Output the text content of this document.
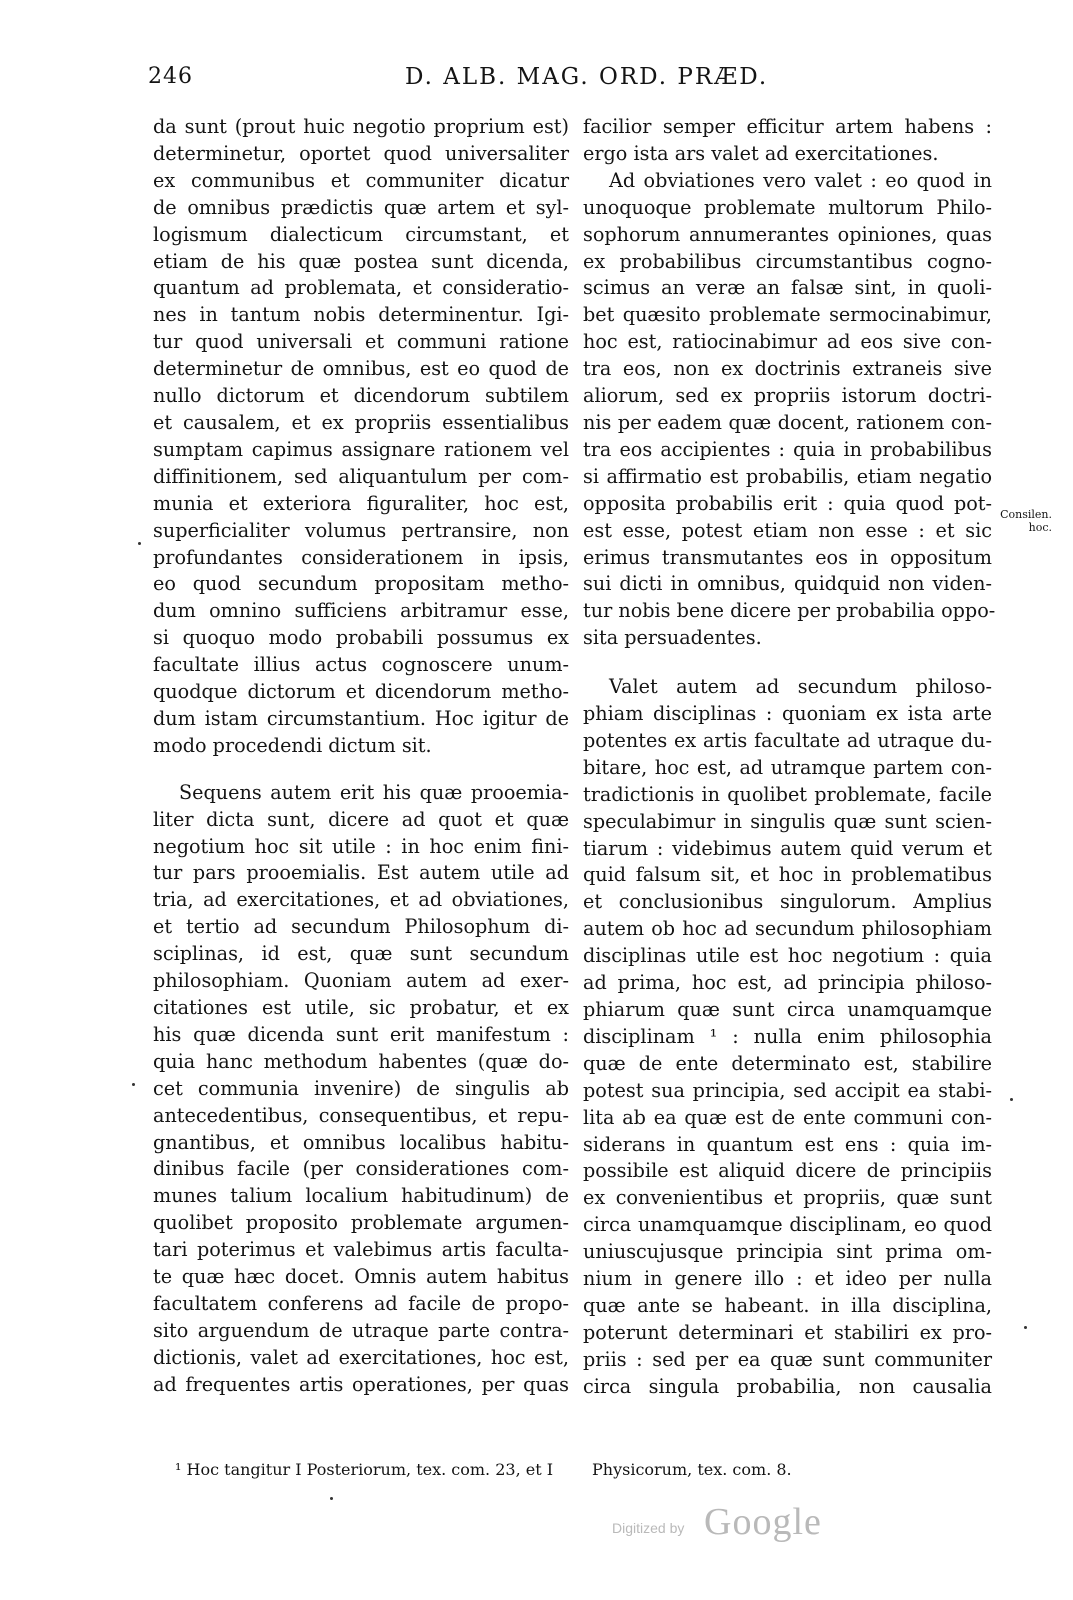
246	D. ALB. MAG. ORD. PRÆD.

da sunt (prout huic negotio proprium est)
determinetur, oportet quod universaliter
ex communibus et communiter dicatur
de omnibus prædictis quæ artem et syl-
logismum dialecticum circumstant, et
etiam de his quæ postea sunt dicenda,
quantum ad problemata, et consideratio-
nes in tantum nobis determinentur. Igi-
tur quod universali et communi ratione
determinetur de omnibus, est eo quod de
nullo dictorum et dicendorum subtilem
et causalem, et ex propriis essentialibus
sumptam capimus assignare rationem vel
diffinitionem, sed aliquantulum per com-
munia et exteriora figuraliter, hoc est,
superficialiter volumus pertransire, non
profundantes considerationem in ipsis,
eo quod secundum propositam metho-
dum omnino sufficiens arbitramur esse,
si quoquo modo probabili possumus ex
facultate illius actus cognoscere unum-
quodque dictorum et dicendorum metho-
dum istam circumstantium. Hoc igitur de
modo procedendi dictum sit.

Sequens autem erit his quæ prooemia-
liter dicta sunt, dicere ad quot et quæ
negotium hoc sit utile : in hoc enim fini-
tur pars prooemialis. Est autem utile ad
tria, ad exercitationes, et ad obviationes,
et tertio ad secundum Philosophum di-
sciplinas, id est, quæ sunt secundum
philosophiam. Quoniam autem ad exer-
citationes est utile, sic probatur, et ex
his quæ dicenda sunt erit manifestum :
quia hanc methodum habentes (quæ do-
cet communia invenire) de singulis ab
antecedentibus, consequentibus, et repu-
gnantibus, et omnibus localibus habitu-
dinibus facile (per considerationes com-
munes talium localium habitudinum) de
quolibet proposito problemate argumen-
tari poterimus et valebimus artis faculta-
te quæ hæc docet. Omnis autem habitus
facultatem conferens ad facile de propo-
sito arguendum de utraque parte contra-
dictionis, valet ad exercitationes, hoc est,
ad frequentes artis operationes, per quas

facilior semper efficitur artem habens :
ergo ista ars valet ad exercitationes.

Ad obviationes vero valet : eo quod in
unoquoque problemate multorum Philo-
sophorum annumerantes opiniones, quas
ex probabilibus circumstantibus cogno-
scimus an veræ an falsæ sint, in quoli-
bet quæsito problemate sermocinabimur,
hoc est, ratiocinabimur ad eos sive con-
tra eos, non ex doctrinis extraneis sive
aliorum, sed ex propriis istorum doctri-
nis per eadem quæ docent, rationem con-
tra eos accipientes : quia in probabilibus
si affirmatio est probabilis, etiam negatio
opposita probabilis erit : quia quod pot-
est esse, potest etiam non esse : et sic
erimus transmutantes eos in oppositum
sui dicti in omnibus, quidquid non viden-
tur nobis bene dicere per probabilia oppo-
sita persuadentes.

Valet autem ad secundum philoso-
phiam disciplinas : quoniam ex ista arte
potentes ex artis facultate ad utraque du-
bitare, hoc est, ad utramque partem con-
tradictionis in quolibet problemate, facile
speculabimur in singulis quæ sunt scien-
tiarum : videbimus autem quid verum et
quid falsum sit, et hoc in problematibus
et conclusionibus singulorum. Amplius
autem ob hoc ad secundum philosophiam
disciplinas utile est hoc negotium : quia
ad prima, hoc est, ad principia philoso-
phiarum quæ sunt circa unamquamque
disciplinam ¹ : nulla enim philosophia
quæ de ente determinato est, stabilire
potest sua principia, sed accipit ea stabi-
lita ab ea quæ est de ente communi con-
siderans in quantum est ens : quia im-
possibile est aliquid dicere de principiis
ex convenientibus et propriis, quæ sunt
circa unamquamque disciplinam, eo quod
uniuscujusque principia sint prima om-
nium in genere illo : et ideo per nulla
quæ ante se habeant. in illa disciplina,
poterunt determinari et stabiliri ex pro-
priis : sed per ea quæ sunt communiter
circa singula probabilia, non causalia

Consilen.
hoc.
¹ Hoc tangitur I Posteriorum, tex. com. 23, et I Physicorum, tex. com. 8.
Digitized by Google
